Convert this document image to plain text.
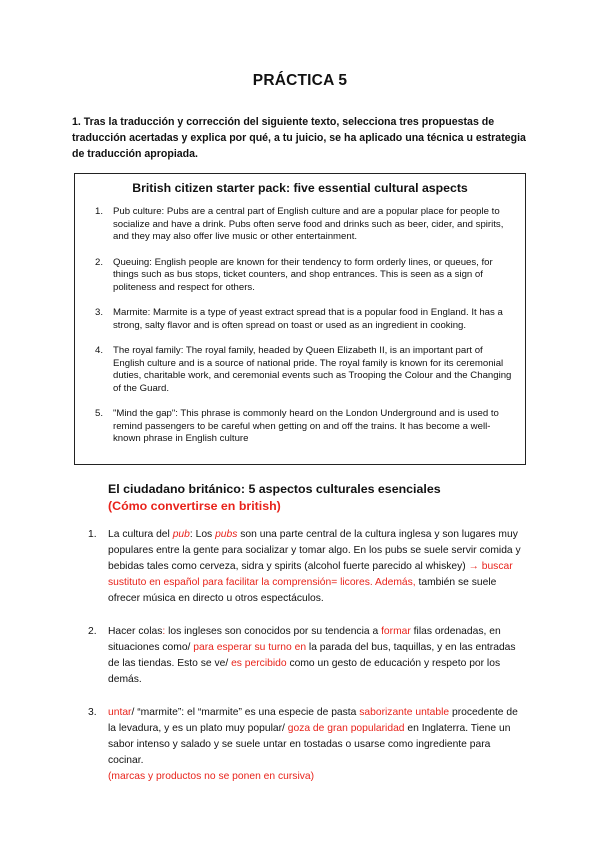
PRÁCTICA 5
1. Tras la traducción y corrección del siguiente texto, selecciona tres propuestas de traducción acertadas y explica por qué, a tu juicio, se ha aplicado una técnica u estrategia de traducción apropiada.
British citizen starter pack: five essential cultural aspects
1. Pub culture: Pubs are a central part of English culture and are a popular place for people to socialize and have a drink. Pubs often serve food and drinks such as beer, cider, and spirits, and they may also offer live music or other entertainment.
2. Queuing: English people are known for their tendency to form orderly lines, or queues, for things such as bus stops, ticket counters, and shop entrances. This is seen as a sign of politeness and respect for others.
3. Marmite: Marmite is a type of yeast extract spread that is a popular food in England. It has a strong, salty flavor and is often spread on toast or used as an ingredient in cooking.
4. The royal family: The royal family, headed by Queen Elizabeth II, is an important part of English culture and is a source of national pride. The royal family is known for its ceremonial duties, charitable work, and ceremonial events such as Trooping the Colour and the Changing of the Guard.
5. "Mind the gap": This phrase is commonly heard on the London Underground and is used to remind passengers to be careful when getting on and off the trains. It has become a well-known phrase in English culture
El ciudadano británico: 5 aspectos culturales esenciales
(Cómo convertirse en british)
1. La cultura del pub: Los pubs son una parte central de la cultura inglesa y son lugares muy populares entre la gente para socializar y tomar algo. En los pubs se suele servir comida y bebidas tales como cerveza, sidra y spirits (alcohol fuerte parecido al whiskey) → buscar sustituto en español para facilitar la comprensión= licores. Además, también se suele ofrecer música en directo u otros espectáculos.
2. Hacer colas: los ingleses son conocidos por su tendencia a formar filas ordenadas, en situaciones como/ para esperar su turno en la parada del bus, taquillas, y en las entradas de las tiendas. Esto se ve/ es percibido como un gesto de educación y respeto por los demás.
3. untar/ “marmite”: el “marmite” es una especie de pasta saborizante untable procedente de la levadura, y es un plato muy popular/ goza de gran popularidad en Inglaterra. Tiene un sabor intenso y salado y se suele untar en tostadas o usarse como ingrediente para cocinar.
(marcas y productos no se ponen en cursiva)
